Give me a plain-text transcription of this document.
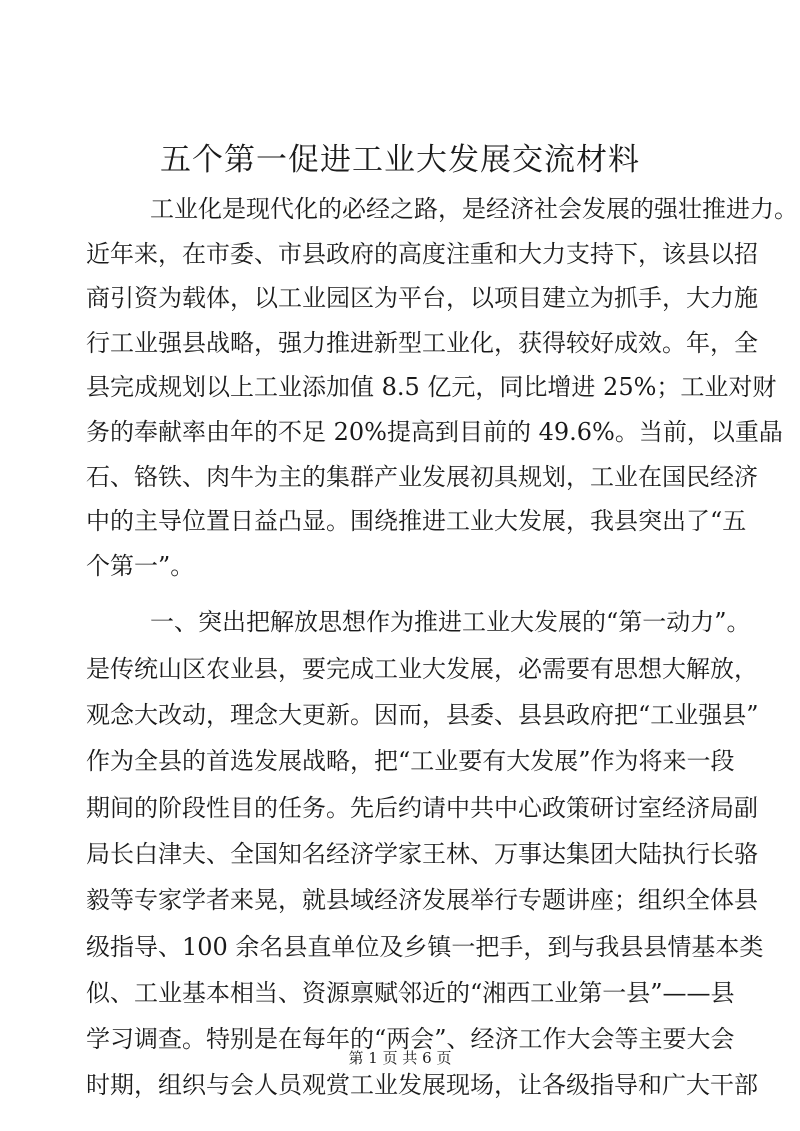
五个第一促进工业大发展交流材料
工业化是现代化的必经之路，是经济社会发展的强壮推进力。
近年来，在市委、市县政府的高度注重和大力支持下，该县以招
商引资为载体，以工业园区为平台，以项目建立为抓手，大力施
行工业强县战略，强力推进新型工业化，获得较好成效。年，全
县完成规划以上工业添加值 8.5 亿元，同比增进 25%；工业对财
务的奉献率由年的不足 20%提高到目前的 49.6%。当前，以重晶
石、铬铁、肉牛为主的集群产业发展初具规划，工业在国民经济
中的主导位置日益凸显。围绕推进工业大发展，我县突出了“五
个第一”。
一、突出把解放思想作为推进工业大发展的“第一动力”。
是传统山区农业县，要完成工业大发展，必需要有思想大解放，
观念大改动，理念大更新。因而，县委、县县政府把“工业强县”
作为全县的首选发展战略，把“工业要有大发展”作为将来一段
期间的阶段性目的任务。先后约请中共中心政策研讨室经济局副
局长白津夫、全国知名经济学家王林、万事达集团大陆执行长骆
毅等专家学者来晃，就县域经济发展举行专题讲座；组织全体县
级指导、100 余名县直单位及乡镇一把手，到与我县县情基本类
似、工业基本相当、资源禀赋邻近的“湘西工业第一县”——县
学习调查。特别是在每年的“两会”、经济工作大会等主要大会
时期，组织与会人员观赏工业发展现场，让各级指导和广大干部
第 1 页 共 6 页
